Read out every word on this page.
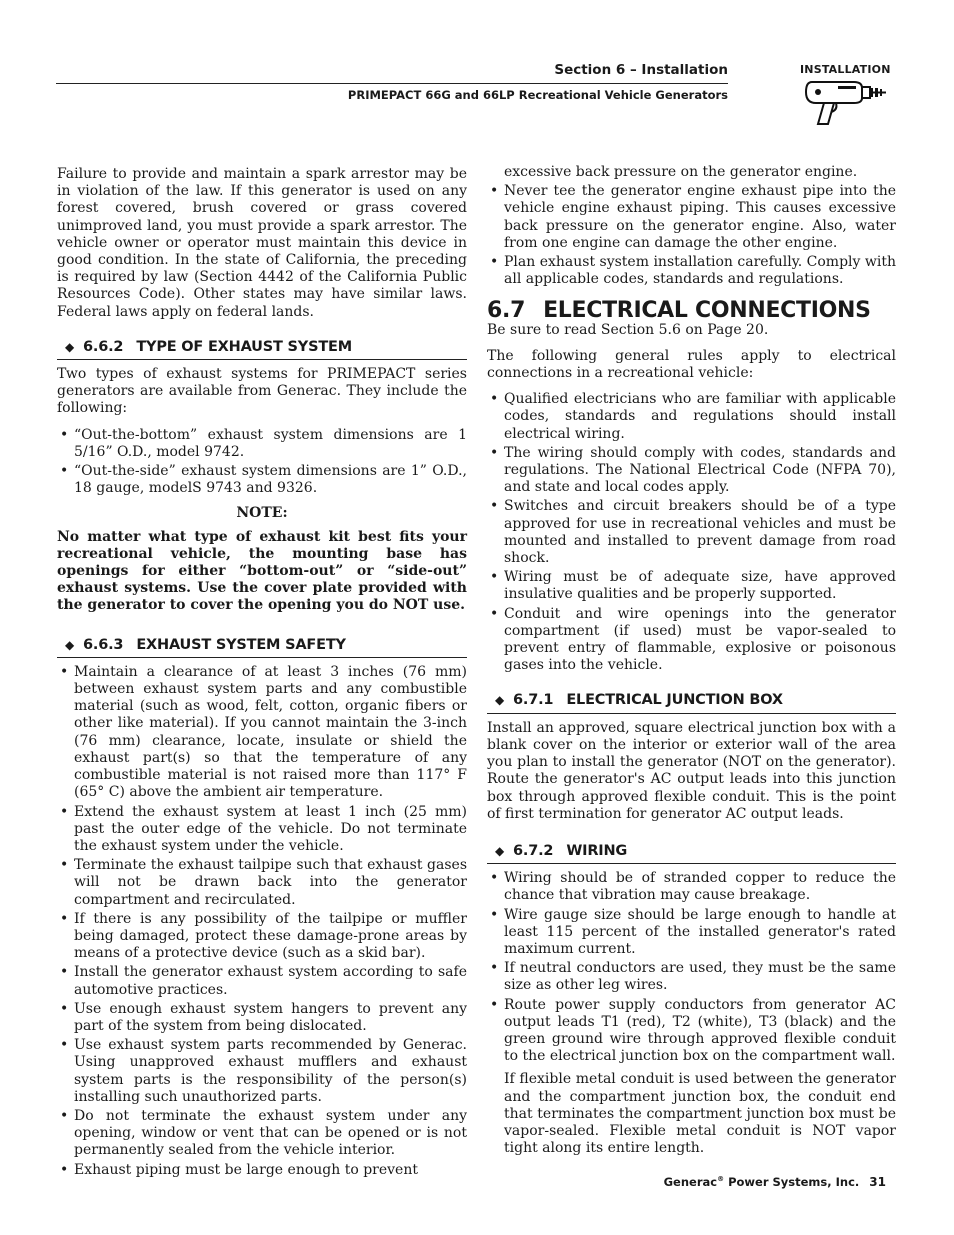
Section 6 – Installation
PRIMEPACT 66G and 66LP Recreational Vehicle Generators
INSTALLATION

Failure to provide and maintain a spark arrestor may be in violation of the law. If this generator is used on any forest covered, brush covered or grass covered unimproved land, you must provide a spark arrestor. The vehicle owner or operator must maintain this device in good condition. In the state of California, the preceding is required by law (Section 4442 of the California Public Resources Code). Other states may have similar laws. Federal laws apply on federal lands.

◆ 6.6.2 TYPE OF EXHAUST SYSTEM

Two types of exhaust systems for PRIMEPACT series generators are available from Generac. They include the following:

• “Out-the-bottom” exhaust system dimensions are 1 5/16” O.D., model 9742.
• “Out-the-side” exhaust system dimensions are 1” O.D., 18 gauge, modelS 9743 and 9326.
NOTE:

No matter what type of exhaust kit best fits your recreational vehicle, the mounting base has openings for either “bottom-out” or “side-out” exhaust systems. Use the cover plate provided with the generator to cover the opening you do NOT use.

◆ 6.6.3 EXHAUST SYSTEM SAFETY
• Maintain a clearance of at least 3 inches (76 mm) between exhaust system parts and any combustible material (such as wood, felt, cotton, organic fibers or other like material). If you cannot maintain the 3-inch (76 mm) clearance, locate, insulate or shield the exhaust part(s) so that the temperature of any combustible material is not raised more than 117° F (65° C) above the ambient air temperature.
• Extend the exhaust system at least 1 inch (25 mm) past the outer edge of the vehicle. Do not terminate the exhaust system under the vehicle.
• Terminate the exhaust tailpipe such that exhaust gases will not be drawn back into the generator compartment and recirculated.
• If there is any possibility of the tailpipe or muffler being damaged, protect these damage-prone areas by means of a protective device (such as a skid bar).
• Install the generator exhaust system according to safe automotive practices.
• Use enough exhaust system hangers to prevent any part of the system from being dislocated.
• Use exhaust system parts recommended by Generac. Using unapproved exhaust mufflers and exhaust system parts is the responsibility of the person(s) installing such unauthorized parts.
• Do not terminate the exhaust system under any opening, window or vent that can be opened or is not permanently sealed from the vehicle interior.
• Exhaust piping must be large enough to prevent
excessive back pressure on the generator engine.
• Never tee the generator engine exhaust pipe into the vehicle engine exhaust piping. This causes excessive back pressure on the generator engine. Also, water from one engine can damage the other engine.
• Plan exhaust system installation carefully. Comply with all applicable codes, standards and regulations.
6.7 ELECTRICAL CONNECTIONS

Be sure to read Section 5.6 on Page 20.

The following general rules apply to electrical connections in a recreational vehicle:

• Qualified electricians who are familiar with applicable codes, standards and regulations should install electrical wiring.
• The wiring should comply with codes, standards and regulations. The National Electrical Code (NFPA 70), and state and local codes apply.
• Switches and circuit breakers should be of a type approved for use in recreational vehicles and must be mounted and installed to prevent damage from road shock.
• Wiring must be of adequate size, have approved insulative qualities and be properly supported.
• Conduit and wire openings into the generator compartment (if used) must be vapor-sealed to prevent entry of flammable, explosive or poisonous gases into the vehicle.
◆ 6.7.1 ELECTRICAL JUNCTION BOX

Install an approved, square electrical junction box with a blank cover on the interior or exterior wall of the area you plan to install the generator (NOT on the generator). Route the generator's AC output leads into this junction box through approved flexible conduit. This is the point of first termination for generator AC output leads.

◆ 6.7.2 WIRING
• Wiring should be of stranded copper to reduce the chance that vibration may cause breakage.
• Wire gauge size should be large enough to handle at least 115 percent of the installed generator's rated maximum current.
• If neutral conductors are used, they must be the same size as other leg wires.
• Route power supply conductors from generator AC output leads T1 (red), T2 (white), T3 (black) and the green ground wire through approved flexible conduit to the electrical junction box on the compartment wall.

If flexible metal conduit is used between the generator and the compartment junction box, the conduit end that terminates the compartment junction box must be vapor-sealed. Flexible metal conduit is NOT vapor tight along its entire length.

Generac® Power Systems, Inc. 31
